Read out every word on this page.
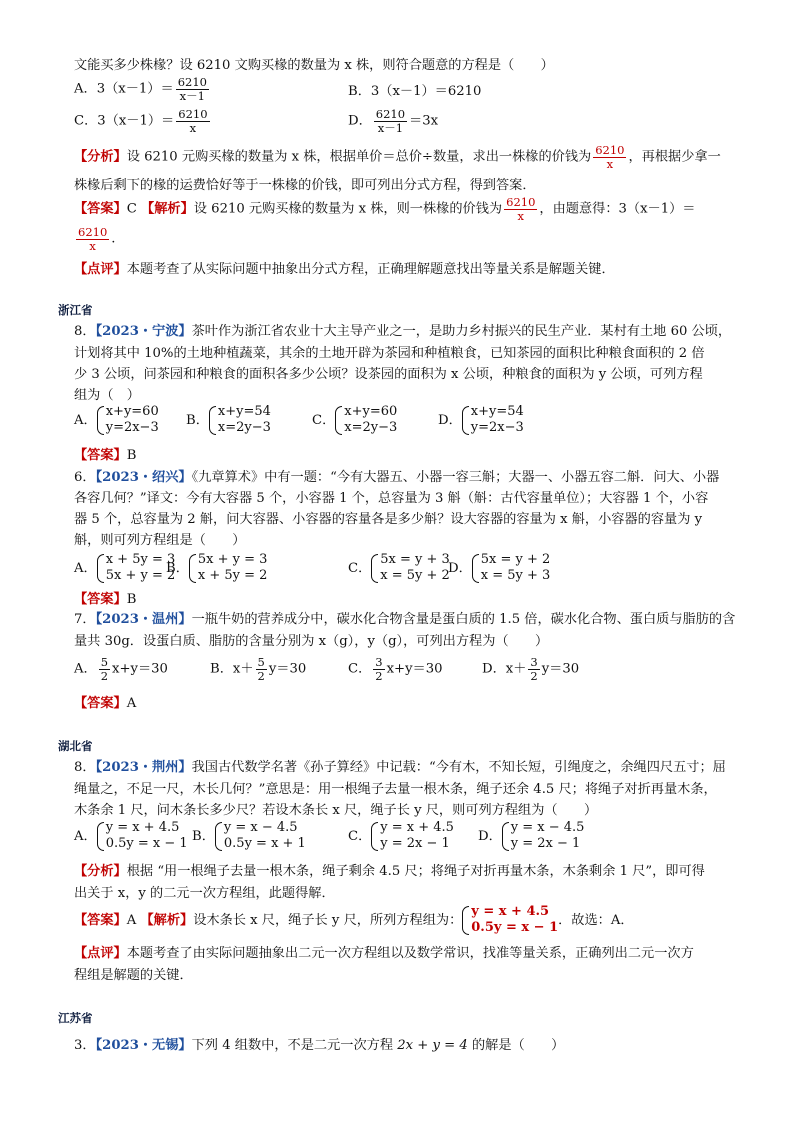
文能买多少株椽？设 6210 文购买椽的数量为 x 株，则符合题意的方程是（　　）
A．$3(x-1)= \frac{6210}{x-1}$	B．3（x－1）＝6210
C．$3(x-1)= \frac{6210}{x}$	D． $\frac{6210}{x-1} =3x$
【分析】设 6210 元购买椽的数量为 x 株，根据单价＝总价÷数量，求出一株椽的价钱为 $\frac{6210}{x}$ ，再根据少拿一
株椽后剩下的椽的运费恰好等于一株椽的价钱，即可列出分式方程，得到答案．
【答案】C 【解析】设 6210 元购买椽的数量为 x 株，则一株椽的价钱为 $\frac{6210}{x}$ ，由题意得：3（x－1）＝
$\frac{6210}{x}$ .
【点评】本题考查了从实际问题中抽象出分式方程，正确理解题意找出等量关系是解题关键．
浙江省
8．【2023・宁波】茶叶作为浙江省农业十大主导产业之一，是助力乡村振兴的民生产业．某村有土地 60 公顷，
计划将其中 10%的土地种植蔬菜，其余的土地开辟为茶园和种植粮食，已知茶园的面积比种粮食面积的 2 倍
少 3 公顷，问茶园和种粮食的面积各多少公顷？设茶园的面积为 x 公顷，种粮食的面积为 y 公顷，可列方程
组为（　）
A．
x+y=60
y=2x−3 B．
x+y=54
x=2y−3	C．
x+y=60
x=2y−3	D．
x+y=54
y=2x−3
【答案】B
6．【2023・绍兴】《九章算术》中有一题：“今有大器五、小器一容三斛；大器一、小器五容二斛．问大、小器
各容几何？”译文：今有大容器 5 个，小容器 1 个，总容量为 3 斛（斛：古代容量单位）；大容器 1 个，小容
器 5 个，总容量为 2 斛，问大容器、小容器的容量各是多少斛？设大容器的容量为 x 斛，小容器的容量为 y
斛，则可列方程组是（　　）
A．
x + 5y = 3
5x + y = 2
B．
5x + y = 3
x + 5y = 2	C．
5x = y + 3
x = 5y + 2
D．
5x = y + 2
x = 5y + 3
【答案】B
7．【2023・温州】一瓶牛奶的营养成分中，碳水化合物含量是蛋白质的 1.5 倍，碳水化合物、蛋白质与脂肪的含
量共 30g．设蛋白质、脂肪的含量分别为 x（g），y（g），可列出方程为（　　）
A． $\frac{5}{2} x+y=30$	B．$x+ \frac{5}{2} y=30$	C． $\frac{3}{2} x+y=30$	D．$x+ \frac{3}{2} y=30$
【答案】A
湖北省
8．【2023・荆州】我国古代数学名著《孙子算经》中记载：“今有木，不知长短，引绳度之，余绳四尺五寸；屈
绳量之，不足一尺，木长几何？”意思是：用一根绳子去量一根木条，绳子还余 4.5 尺；将绳子对折再量木条，
木条余 1 尺，问木条长多少尺？若设木条长 x 尺，绳子长 y 尺，则可列方程组为（　　）
A．
y = x + 4.5
0.5y = x − 1 B．
y = x − 4.5
0.5y = x + 1	C．
y = x + 4.5
y = 2x − 1	D．
y = x − 4.5
y = 2x − 1
【分析】根据 “用一根绳子去量一根木条，绳子剩余 4.5 尺；将绳子对折再量木条，木条剩余 1 尺”，即可得
出关于 x，y 的二元一次方程组，此题得解．
【答案】A 【解析】设木条长 x 尺，绳子长 y 尺，所列方程组为：
y = x + 4.5
0.5y = x − 1 ．故选：A．
【点评】本题考查了由实际问题抽象出二元一次方程组以及数学常识，找准等量关系，正确列出二元一次方
程组是解题的关键．
江苏省
3．【2023・无锡】下列 4 组数中，不是二元一次方程 2x + y = 4 的解是（　　）
